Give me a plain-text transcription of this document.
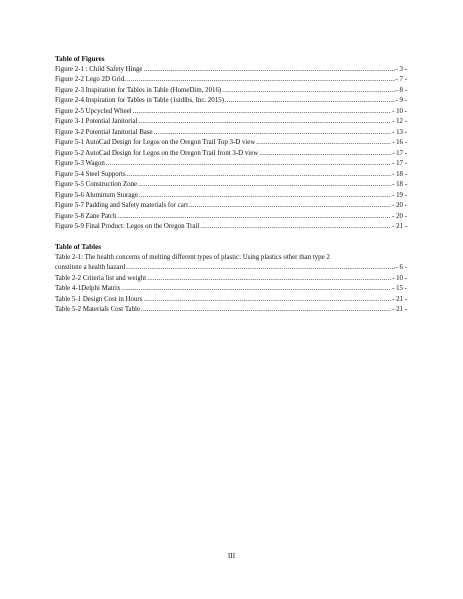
Table of Figures
Figure 2-1 : Child Safety Hinge .....	- 3 -
Figure 2-2 Lego 2D Grid. .....	- 7 -
Figure 2-3 Inspiration for Tables in Table (HomeDim, 2016) .....	- 8 -
Figure 2-4 Inspiration for Tables in Table (1stdibs, Inc. 2015) .....	- 9 -
Figure 2-5 Upcycled Wheel .....	- 10 -
Figure 3-1 Potential Janitorial .....	- 12 -
Figure 3-2 Potential Janitorial Base .....	- 13 -
Figure 5-1 AutoCad Design for Legos on the Oregon Trail Top 3-D view .....	- 16 -
Figure 5-2 AutoCad Design for Legos on the Oregon Trail front 3-D view .....	- 17 -
Figure 5-3 Wagon .....	- 17 -
Figure 5-4 Steel Supports .....	- 18 -
Figure 5-5 Construction Zone .....	- 18 -
Figure 5-6 Aluminum Storage .....	- 19 -
Figure 5-7 Padding and Safety materials for cart .....	- 20 -
Figure 5-8 Zane Patch .....	- 20 -
Figure 5-9 Final Product: Legos on the Oregon Trail .....	- 21 -
Table of Tables
Table 2-1: The health concerns of melting different types of plastic: Using plastics other than type 2
constitute a health hazard .....	- 6 -
Table 2-2 Criteria list and weight .....	- 10 -
Table 4-1Delphi Matrix .....	- 15 -
Table 5-1 Design Cost in Hours .....	- 21 -
Table 5-2 Materials Cost Table .....	- 21 -
III
